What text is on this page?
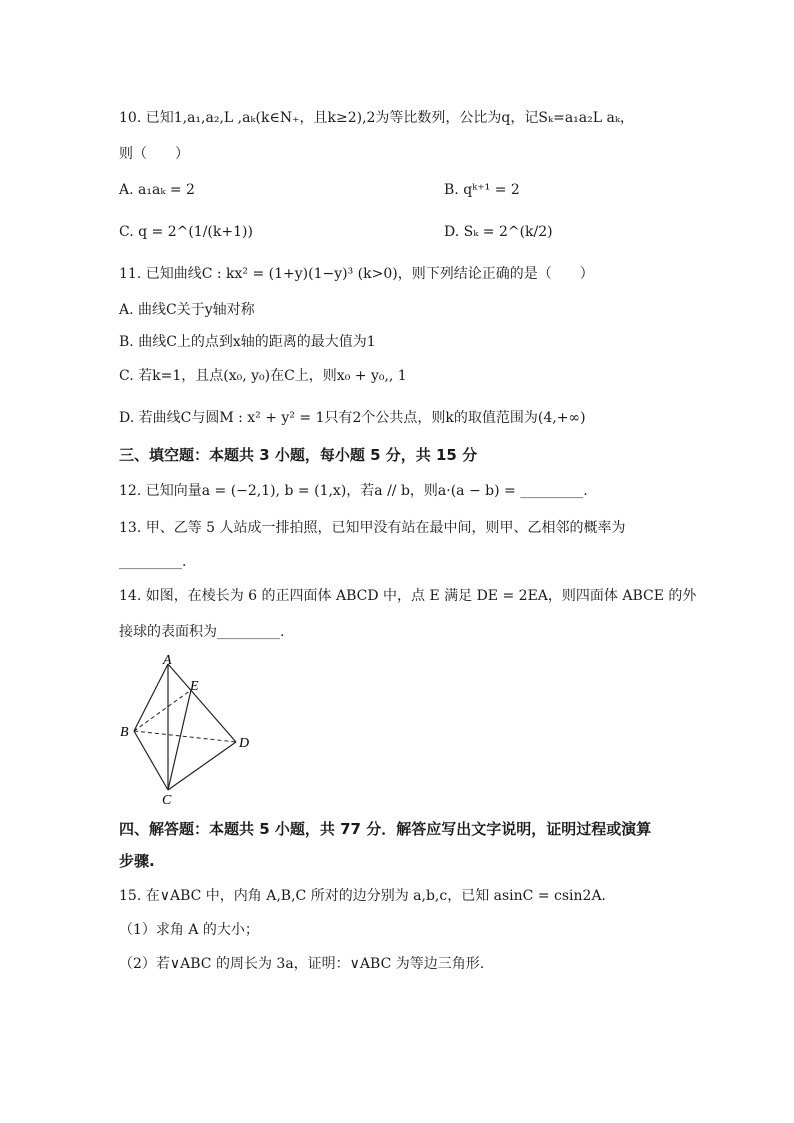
10. 已知1,a₁,a₂,L ,aₖ(k∈N₊，且k≥2),2为等比数列，公比为q，记Sₖ=a₁a₂L aₖ，
则（　　）
A. a₁aₖ = 2	B. qᵏ⁺¹ = 2
C. q = 2^(1/(k+1))	D. Sₖ = 2^(k/2)
11. 已知曲线C : kx² = (1+y)(1−y)³ (k>0)，则下列结论正确的是（　　）
A. 曲线C关于y轴对称
B. 曲线C上的点到x轴的距离的最大值为1
C. 若k=1，且点(x₀, y₀)在C上，则x₀ + y₀,, 1
D. 若曲线C与圆M : x² + y² = 1只有2个公共点，则k的取值范围为(4,+∞)
三、填空题：本题共 3 小题，每小题 5 分，共 15 分
12. 已知向量a = (−2,1), b = (1,x)，若a // b，则a·(a − b) = _________.
13. 甲、乙等 5 人站成一排拍照，已知甲没有站在最中间，则甲、乙相邻的概率为
_________.
14. 如图，在棱长为 6 的正四面体 ABCD 中，点 E 满足 DE = 2EA，则四面体 ABCE 的外
接球的表面积为_________.
A
E
B
D
C
四、解答题：本题共 5 小题，共 77 分．解答应写出文字说明，证明过程或演算
步骤.
15. 在∨ABC 中，内角 A,B,C 所对的边分别为 a,b,c，已知 asinC = csin2A．
（1）求角 A 的大小；
（2）若∨ABC 的周长为 3a，证明：∨ABC 为等边三角形.
